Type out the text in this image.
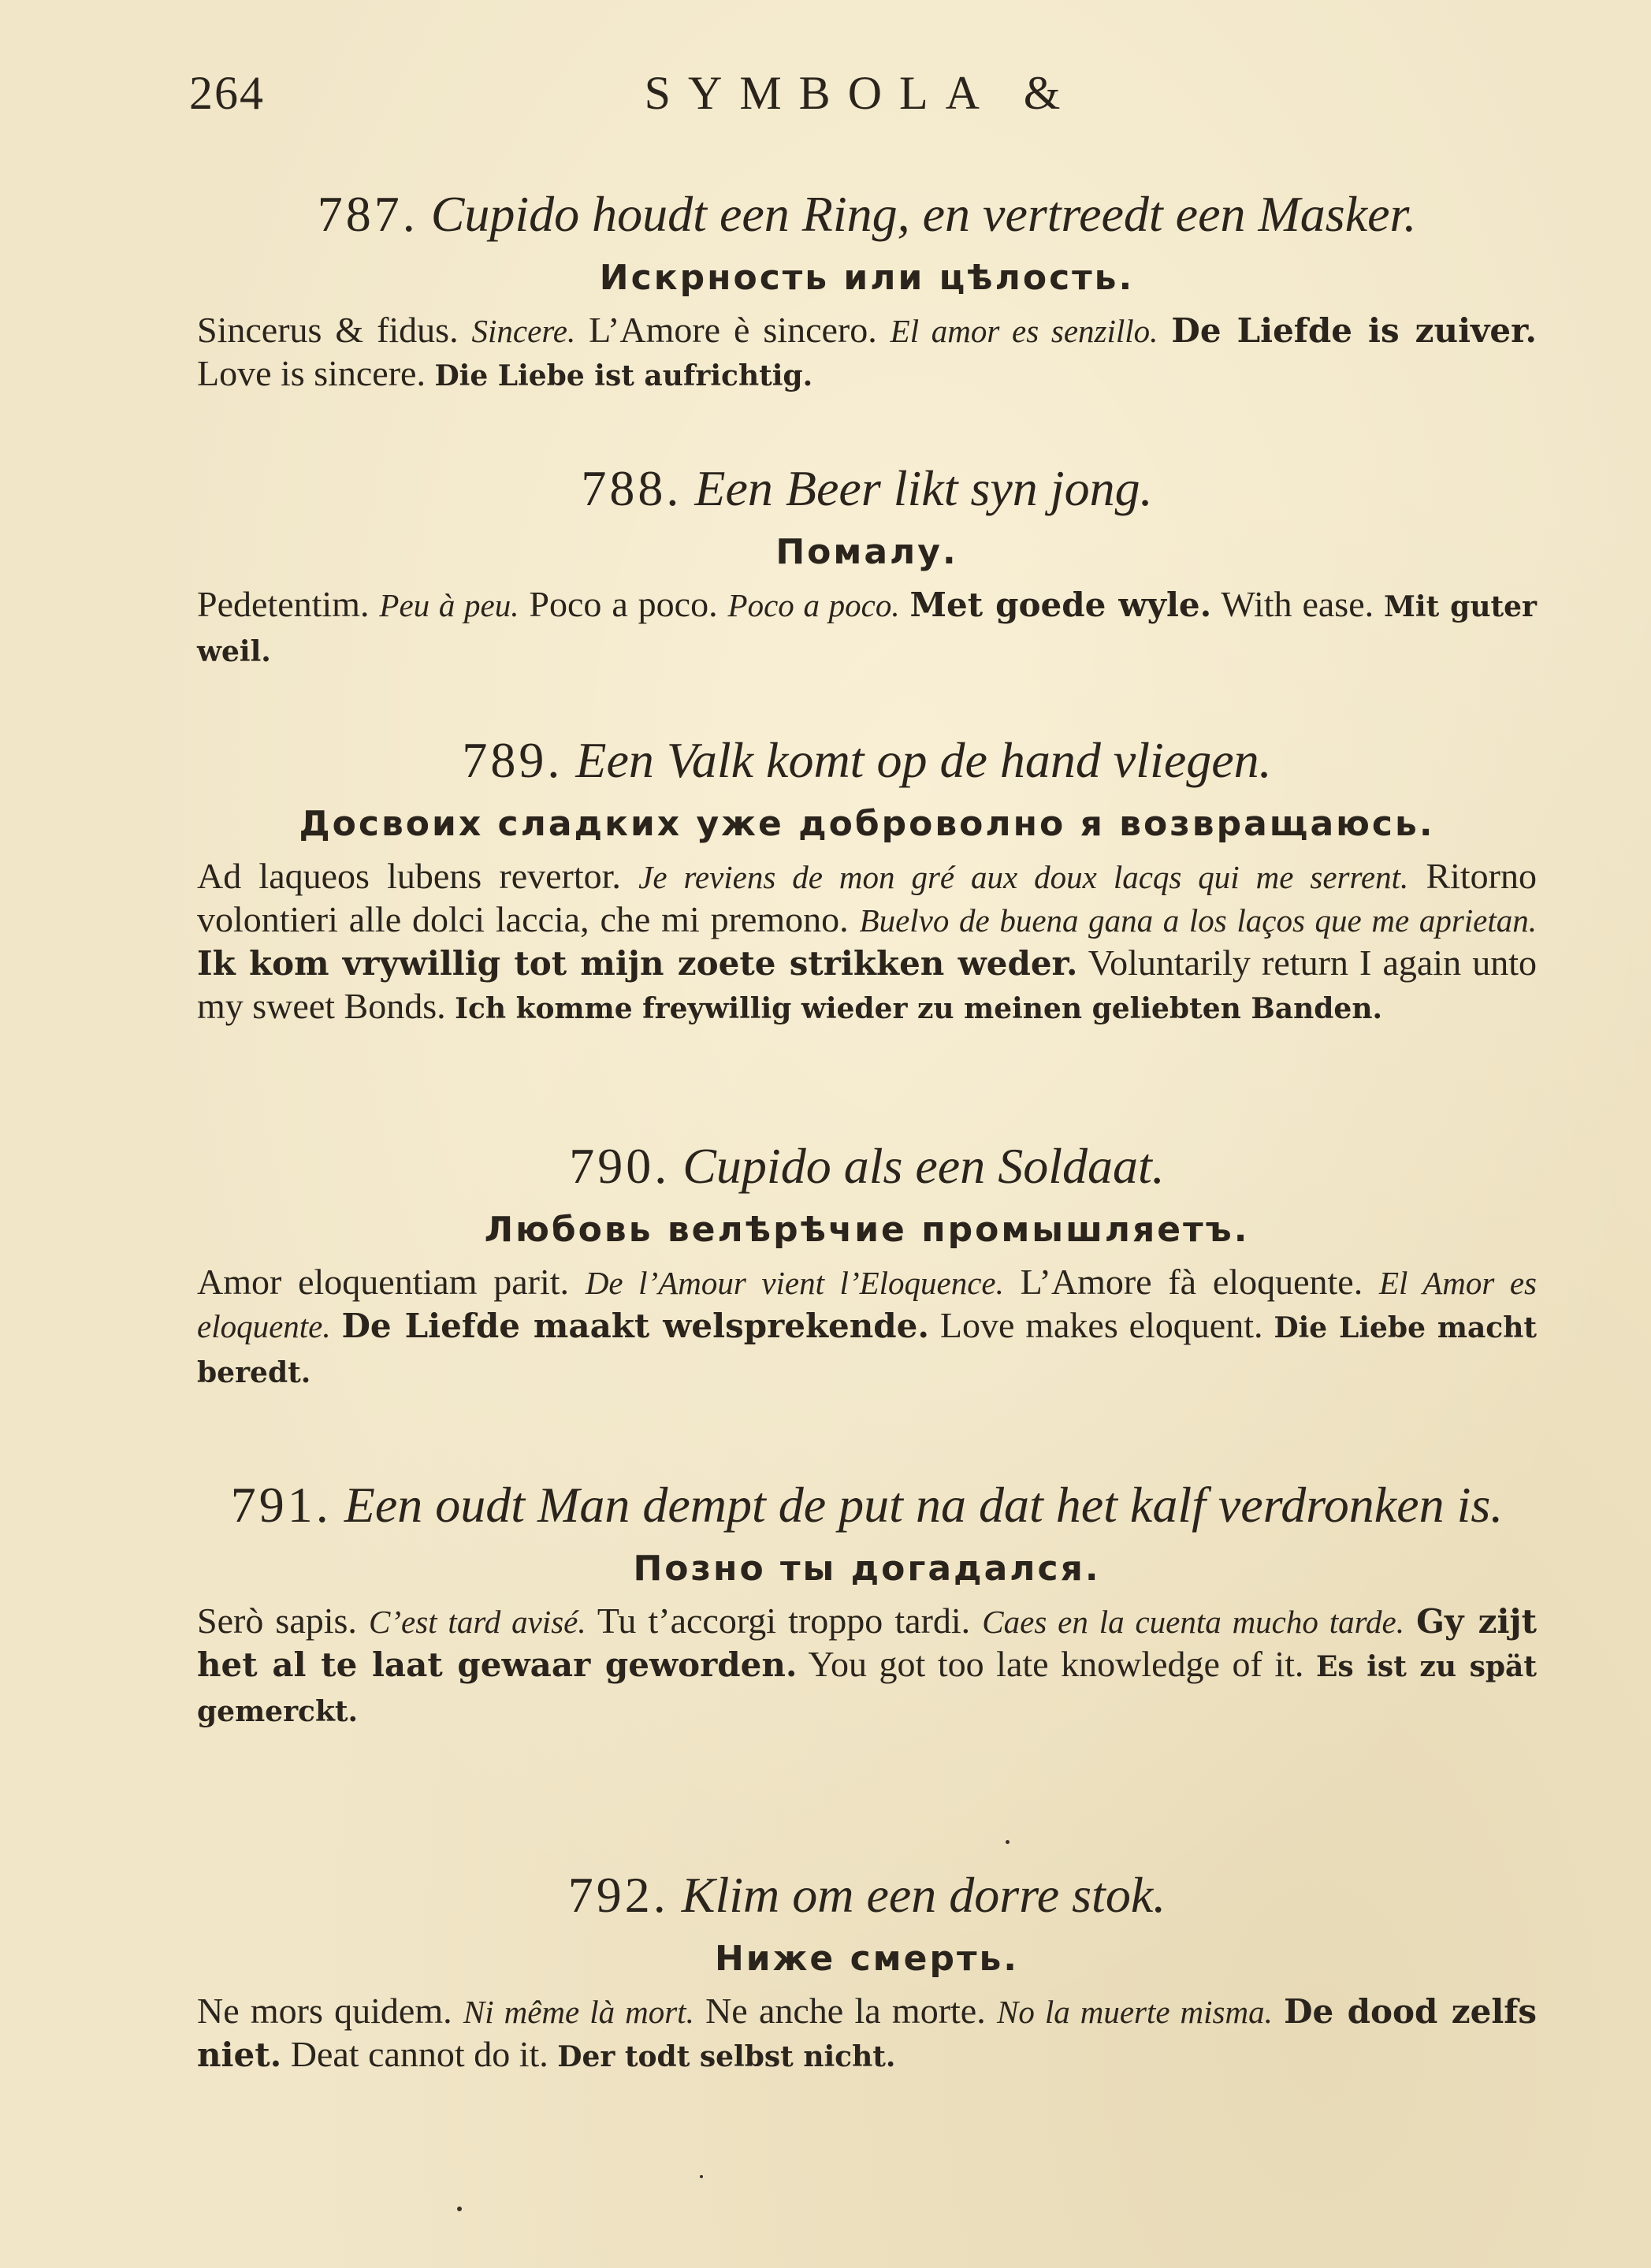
264	SYMBOLA &

787. Cupido houdt een Ring, en vertreedt een Masker.

Искрность или цѣлость.

Sincerus & fidus. Sincere. L’Amore è sincero. El amor es senzillo. De Liefde is zuiver. Love is sincere. Die Liebe ist aufrichtig.

788. Een Beer likt syn jong.

Помалу.

Pedetentim. Peu à peu. Poco a poco. Poco a poco. Met goede wyle. With ease. Mit guter weil.

789. Een Valk komt op de hand vliegen.

Досвоих сладких уже доброволно я возвращаюсь.

Ad laqueos lubens revertor. Je reviens de mon gré aux doux lacqs qui me serrent. Ritorno volontieri alle dolci laccia, che mi premono. Buelvo de buena gana a los laços que me aprietan. Ik kom vrywillig tot mijn zoete strikken weder. Voluntarily return I again unto my sweet Bonds. Ich komme freywillig wieder zu meinen geliebten Banden.

790. Cupido als een Soldaat.

Любовь велѣрѣчие промышляетъ.

Amor eloquentiam parit. De l’Amour vient l’Eloquence. L’Amore fà eloquente. El Amor es eloquente. De Liefde maakt welsprekende. Love makes eloquent. Die Liebe macht beredt.

791. Een oudt Man dempt de put na dat het kalf verdronken is.

Позно ты догадался.

Serò sapis. C’est tard avisé. Tu t’accorgi troppo tardi. Caes en la cuenta mucho tarde. Gy zijt het al te laat gewaar geworden. You got too late knowledge of it. Es ist zu spät gemerckt.

792. Klim om een dorre stok.

Ниже смерть.

Ne mors quidem. Ni même là mort. Ne anche la morte. No la muerte misma. De dood zelfs niet. Deat cannot do it. Der todt selbst nicht.
